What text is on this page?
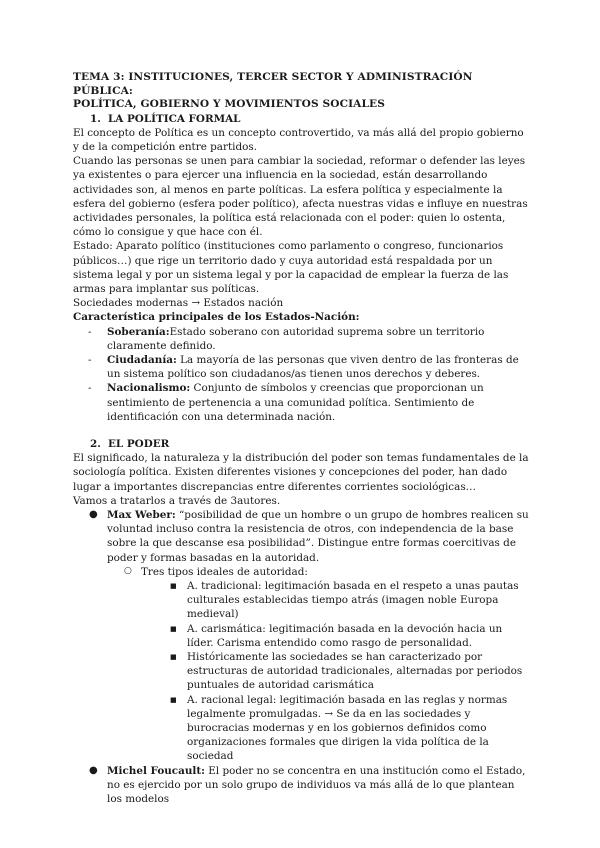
TEMA 3: INSTITUCIONES, TERCER SECTOR Y ADMINISTRACIÓN PÚBLICA:
POLÍTICA, GOBIERNO Y MOVIMIENTOS SOCIALES

1. LA POLÍTICA FORMAL

El concepto de Política es un concepto controvertido, va más allá del propio gobierno y de la competición entre partidos.

Cuando las personas se unen para cambiar la sociedad, reformar o defender las leyes ya existentes o para ejercer una influencia en la sociedad, están desarrollando actividades son, al menos en parte políticas. La esfera política y especialmente la esfera del gobierno (esfera poder político), afecta nuestras vidas e influye en nuestras actividades personales, la política está relacionada con el poder: quien lo ostenta, cómo lo consigue y que hace con él.

Estado: Aparato político (instituciones como parlamento o congreso, funcionarios públicos…) que rige un territorio dado y cuya autoridad está respaldada por un sistema legal y por un sistema legal y por la capacidad de emplear la fuerza de las armas para implantar sus políticas.

Sociedades modernas → Estados nación

Característica principales de los Estados-Nación:

- Soberanía:Estado soberano con autoridad suprema sobre un territorio claramente definido.
- Ciudadanía: La mayoría de las personas que viven dentro de las fronteras de un sistema político son ciudadanos/as tienen unos derechos y deberes.
- Nacionalismo: Conjunto de símbolos y creencias que proporcionan un sentimiento de pertenencia a una comunidad política. Sentimiento de identificación con una determinada nación.

2. EL PODER

El significado, la naturaleza y la distribución del poder son temas fundamentales de la sociología política. Existen diferentes visiones y concepciones del poder, han dado lugar a importantes discrepancias entre diferentes corrientes sociológicas…

Vamos a tratarlos a través de 3autores.

● Max Weber: “posibilidad de que un hombre o un grupo de hombres realicen su voluntad incluso contra la resistencia de otros, con independencia de la base sobre la que descanse esa posibilidad”. Distingue entre formas coercitivas de poder y formas basadas en la autoridad.
○ Tres tipos ideales de autoridad:
■ A. tradicional: legitimación basada en el respeto a unas pautas culturales establecidas tiempo atrás (imagen noble Europa medieval)
■ A. carismática: legitimación basada en la devoción hacia un líder. Carisma entendido como rasgo de personalidad.
■ Históricamente las sociedades se han caracterizado por estructuras de autoridad tradicionales, alternadas por periodos puntuales de autoridad carismática
■ A. racional legal: legitimación basada en las reglas y normas legalmente promulgadas. → Se da en las sociedades y burocracias modernas y en los gobiernos definidos como organizaciones formales que dirigen la vida política de la sociedad
● Michel Foucault: El poder no se concentra en una institución como el Estado, no es ejercido por un solo grupo de individuos va más allá de lo que plantean los modelos
